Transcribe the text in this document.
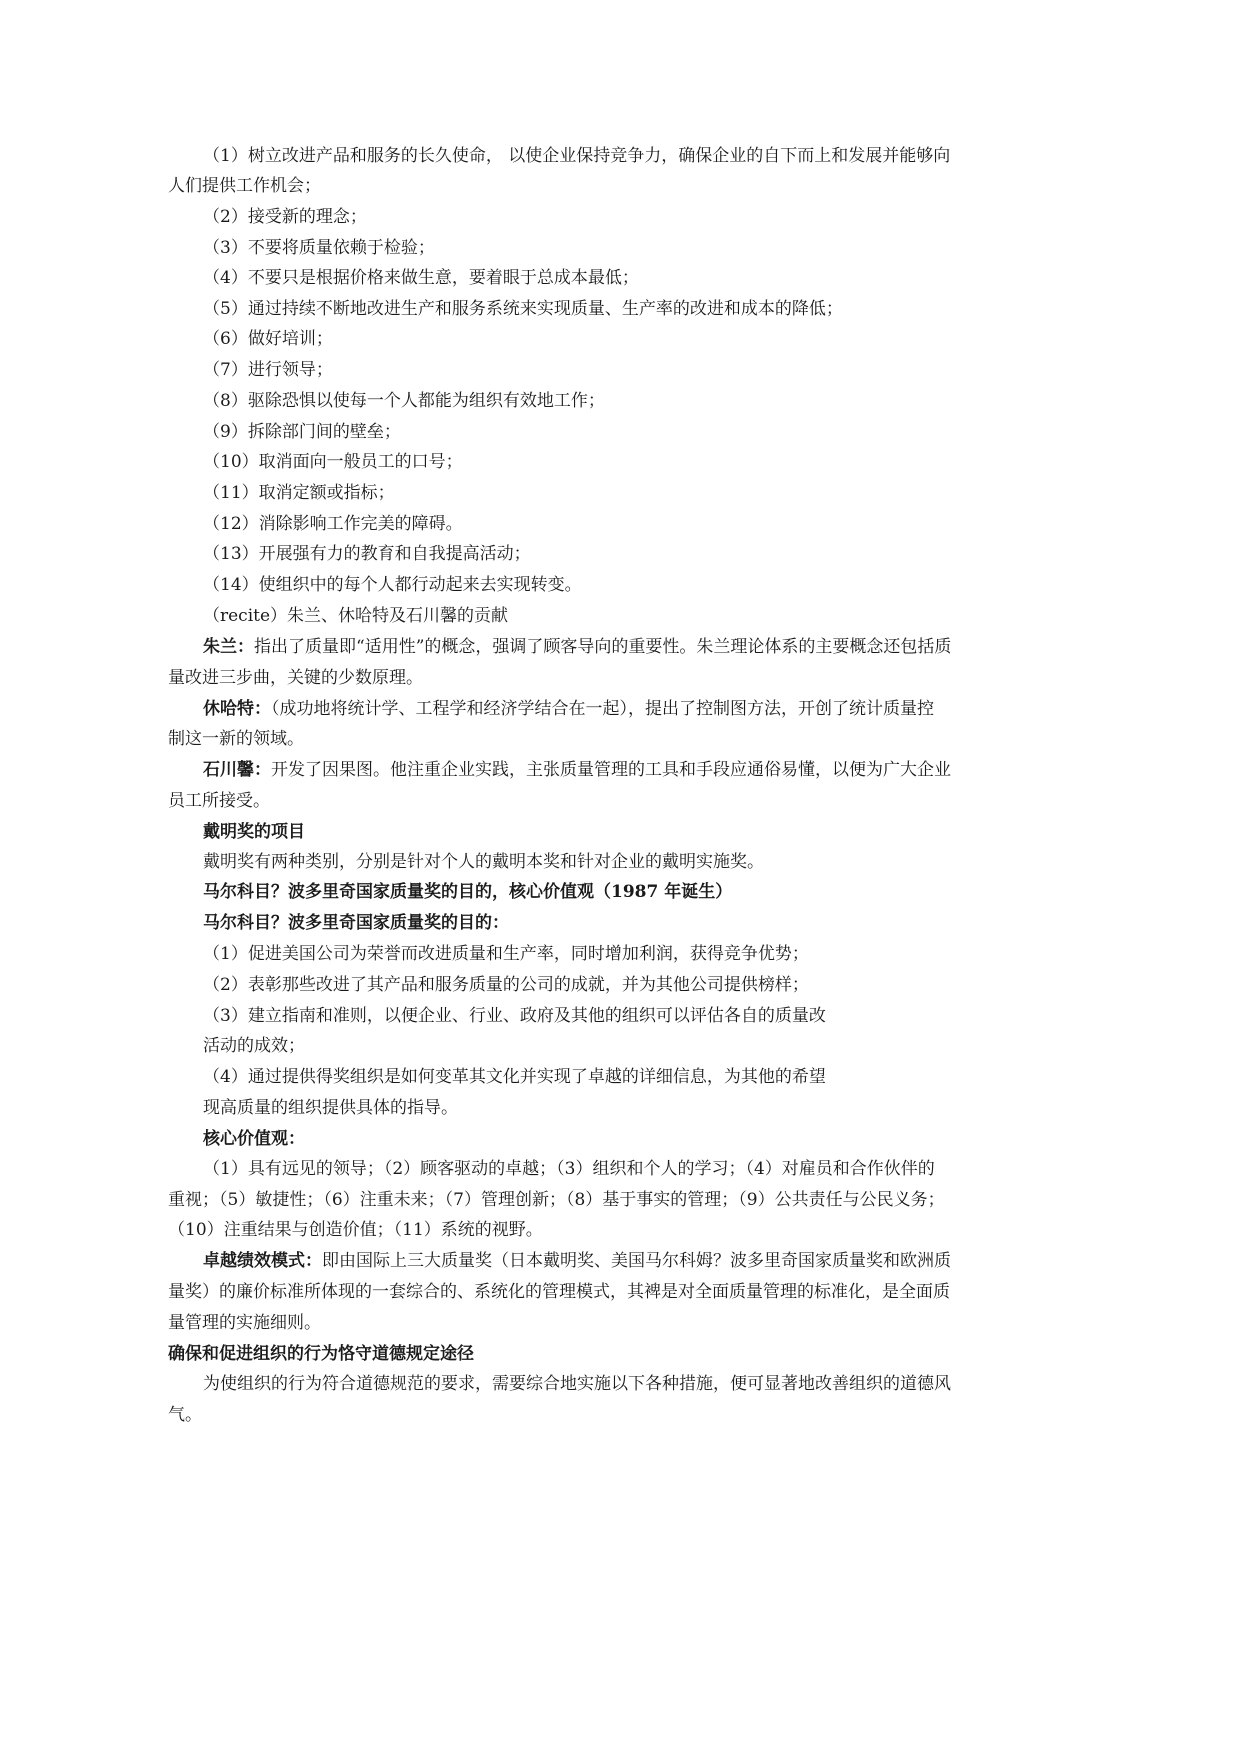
（1）树立改进产品和服务的长久使命， 以使企业保持竞争力，确保企业的自下而上和发展并能够向
人们提供工作机会；
（2）接受新的理念；
（3）不要将质量依赖于检验；
（4）不要只是根据价格来做生意，要着眼于总成本最低；
（5）通过持续不断地改进生产和服务系统来实现质量、生产率的改进和成本的降低；
（6）做好培训；
（7）进行领导；
（8）驱除恐惧以使每一个人都能为组织有效地工作；
（9）拆除部门间的壁垒；
（10）取消面向一般员工的口号；
（11）取消定额或指标；
（12）消除影响工作完美的障碍。
（13）开展强有力的教育和自我提高活动；
（14）使组织中的每个人都行动起来去实现转变。
（recite）朱兰、休哈特及石川馨的贡献
朱兰：指出了质量即“适用性”的概念，强调了顾客导向的重要性。朱兰理论体系的主要概念还包括质
量改进三步曲，关键的少数原理。
休哈特：（成功地将统计学、工程学和经济学结合在一起），提出了控制图方法，开创了统计质量控
制这一新的领域。
石川馨：开发了因果图。他注重企业实践，主张质量管理的工具和手段应通俗易懂，以便为广大企业
员工所接受。
戴明奖的项目
戴明奖有两种类别，分别是针对个人的戴明本奖和针对企业的戴明实施奖。
马尔科目？波多里奇国家质量奖的目的，核心价值观（1987 年诞生）
马尔科目？波多里奇国家质量奖的目的：
（1）促进美国公司为荣誉而改进质量和生产率，同时增加利润，获得竞争优势；
（2）表彰那些改进了其产品和服务质量的公司的成就，并为其他公司提供榜样；
（3）建立指南和准则，以便企业、行业、政府及其他的组织可以评估各自的质量改
活动的成效；
（4）通过提供得奖组织是如何变革其文化并实现了卓越的详细信息，为其他的希望
现高质量的组织提供具体的指导。
核心价值观：
（1）具有远见的领导；（2）顾客驱动的卓越；（3）组织和个人的学习；（4）对雇员和合作伙伴的
重视；（5）敏捷性；（6）注重未来；（7）管理创新；（8）基于事实的管理；（9）公共责任与公民义务；
（10）注重结果与创造价值；（11）系统的视野。
卓越绩效模式：即由国际上三大质量奖（日本戴明奖、美国马尔科姆？波多里奇国家质量奖和欧洲质
量奖）的廉价标准所体现的一套综合的、系统化的管理模式，其裨是对全面质量管理的标准化，是全面质
量管理的实施细则。
确保和促进组织的行为恪守道德规定途径
为使组织的行为符合道德规范的要求，需要综合地实施以下各种措施，便可显著地改善组织的道德风
气。
